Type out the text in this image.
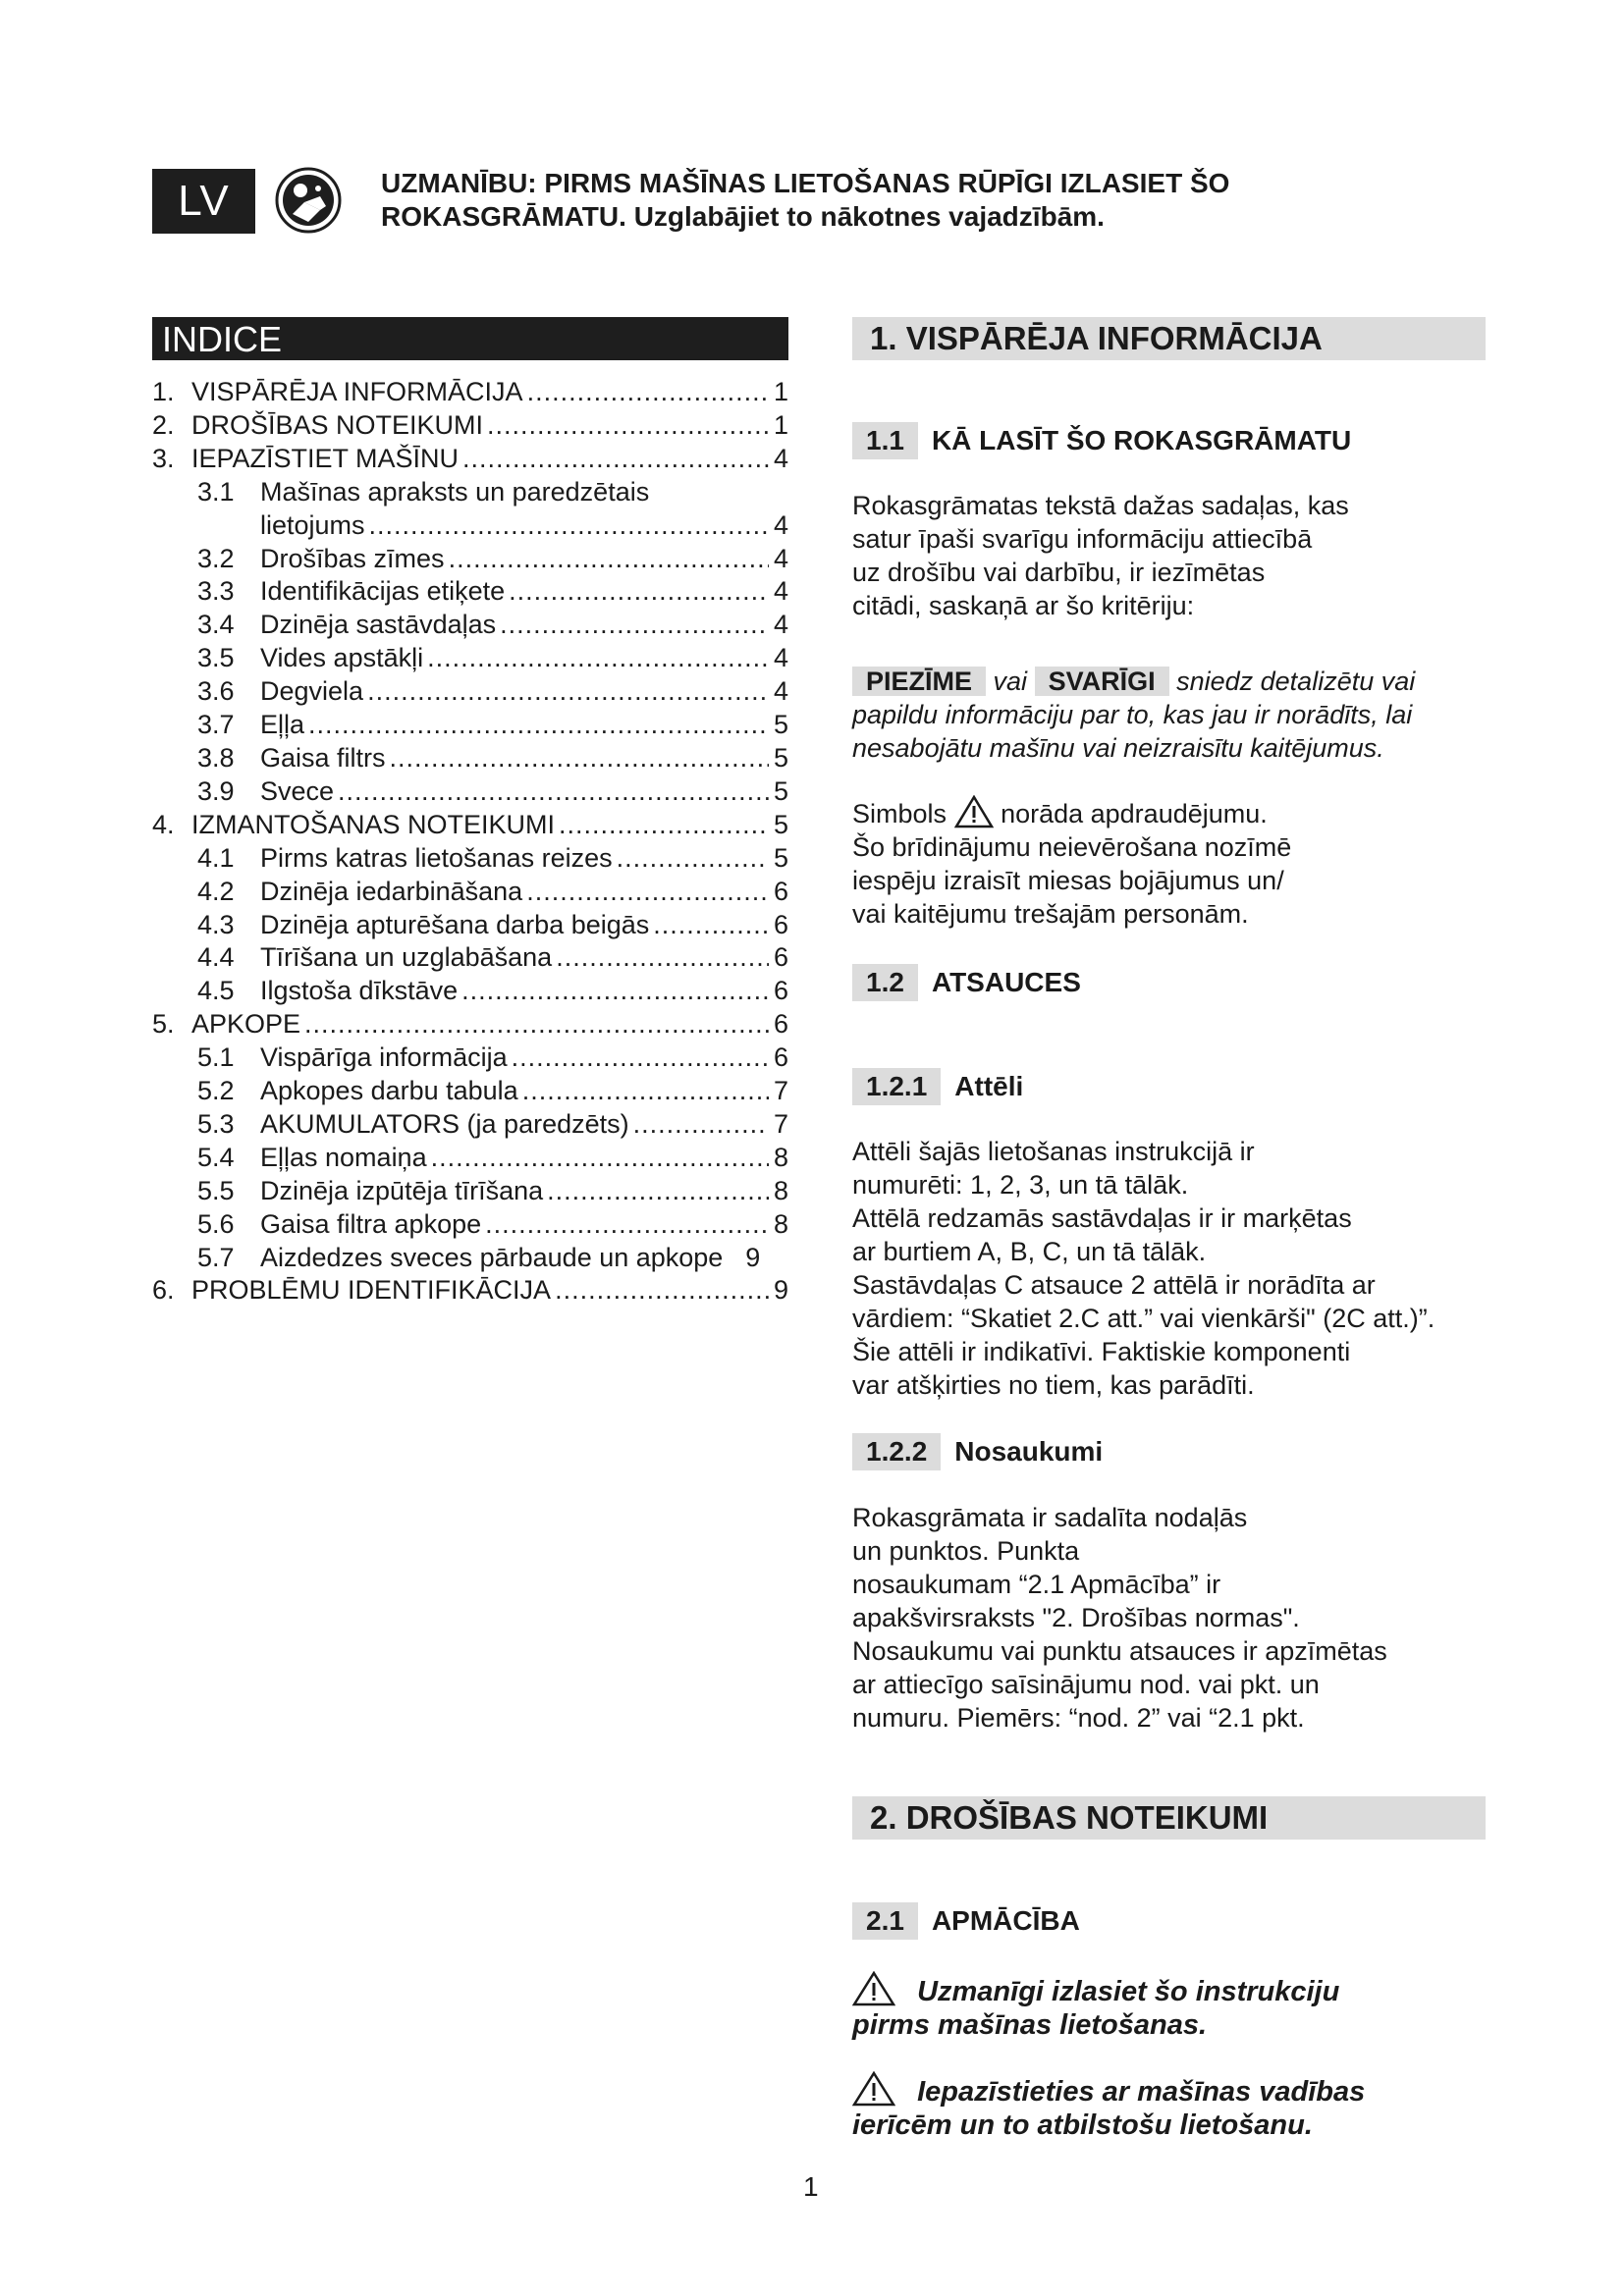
LV	UZMANĪBU: PIRMS MAŠĪNAS LIETOŠANAS RŪPĪGI IZLASIET ŠO
ROKASGRĀMATU. Uzglabājiet to nākotnes vajadzībām.
INDICE
1. VISPĀRĒJA INFORMĀCIJA .....	1
2. DROŠĪBAS NOTEIKUMI .....	1
3. IEPAZĪSTIET MAŠĪNU .....	4
3.1 Mašīnas apraksts un paredzētais
lietojums .....	4
3.2 Drošības zīmes .....	4
3.3 Identifikācijas etiķete .....	4
3.4 Dzinēja sastāvdaļas .....	4
3.5 Vides apstākļi .....	4
3.6 Degviela .....	4
3.7 Eļļa .....	5
3.8 Gaisa filtrs .....	5
3.9 Svece .....	5
4. IZMANTOŠANAS NOTEIKUMI .....	5
4.1 Pirms katras lietošanas reizes .....	5
4.2 Dzinēja iedarbināšana .....	6
4.3 Dzinēja apturēšana darba beigās .....	6
4.4 Tīrīšana un uzglabāšana .....	6
4.5 Ilgstoša dīkstāve .....	6
5. APKOPE .....	6
5.1 Vispārīga informācija .....	6
5.2 Apkopes darbu tabula .....	7
5.3 AKUMULATORS (ja paredzēts) .....	7
5.4 Eļļas nomaiņa .....	8
5.5 Dzinēja izpūtēja tīrīšana .....	8
5.6 Gaisa filtra apkope .....	8
5.7 Aizdedzes sveces pārbaude un apkope 9
6. PROBLĒMU IDENTIFIKĀCIJA .....	9
1. VISPĀRĒJA INFORMĀCIJA
1.1	KĀ LASĪT ŠO ROKASGRĀMATU
Rokasgrāmatas tekstā dažas sadaļas, kas
satur īpaši svarīgu informāciju attiecībā
uz drošību vai darbību, ir iezīmētas
citādi, saskaņā ar šo kritēriju:
PIEZĪME vai SVARĪGI sniedz detalizētu vai
papildu informāciju par to, kas jau ir norādīts, lai
nesabojātu mašīnu vai neizraisītu kaitējumus.
Simbols norāda apdraudējumu.
Šo brīdinājumu neievērošana nozīmē
iespēju izraisīt miesas bojājumus un/
vai kaitējumu trešajām personām.
1.2	ATSAUCES
1.2.1	Attēli
Attēli šajās lietošanas instrukcijā ir
numurēti: 1, 2, 3, un tā tālāk.
Attēlā redzamās sastāvdaļas ir ir marķētas
ar burtiem A, B, C, un tā tālāk.
Sastāvdaļas C atsauce 2 attēlā ir norādīta ar
vārdiem: “Skatiet 2.C att.” vai vienkārši" (2C att.)”.
Šie attēli ir indikatīvi. Faktiskie komponenti
var atšķirties no tiem, kas parādīti.
1.2.2	Nosaukumi
Rokasgrāmata ir sadalīta nodaļās
un punktos. Punkta
nosaukumam “2.1 Apmācība” ir
apakšvirsraksts "2. Drošības normas".
Nosaukumu vai punktu atsauces ir apzīmētas
ar attiecīgo saīsinājumu nod. vai pkt. un
numuru. Piemērs: “nod. 2” vai “2.1 pkt.
2. DROŠĪBAS NOTEIKUMI
2.1	APMĀCĪBA
Uzmanīgi izlasiet šo instrukciju
pirms mašīnas lietošanas.
Iepazīstieties ar mašīnas vadības
ierīcēm un to atbilstošu lietošanu.
1
